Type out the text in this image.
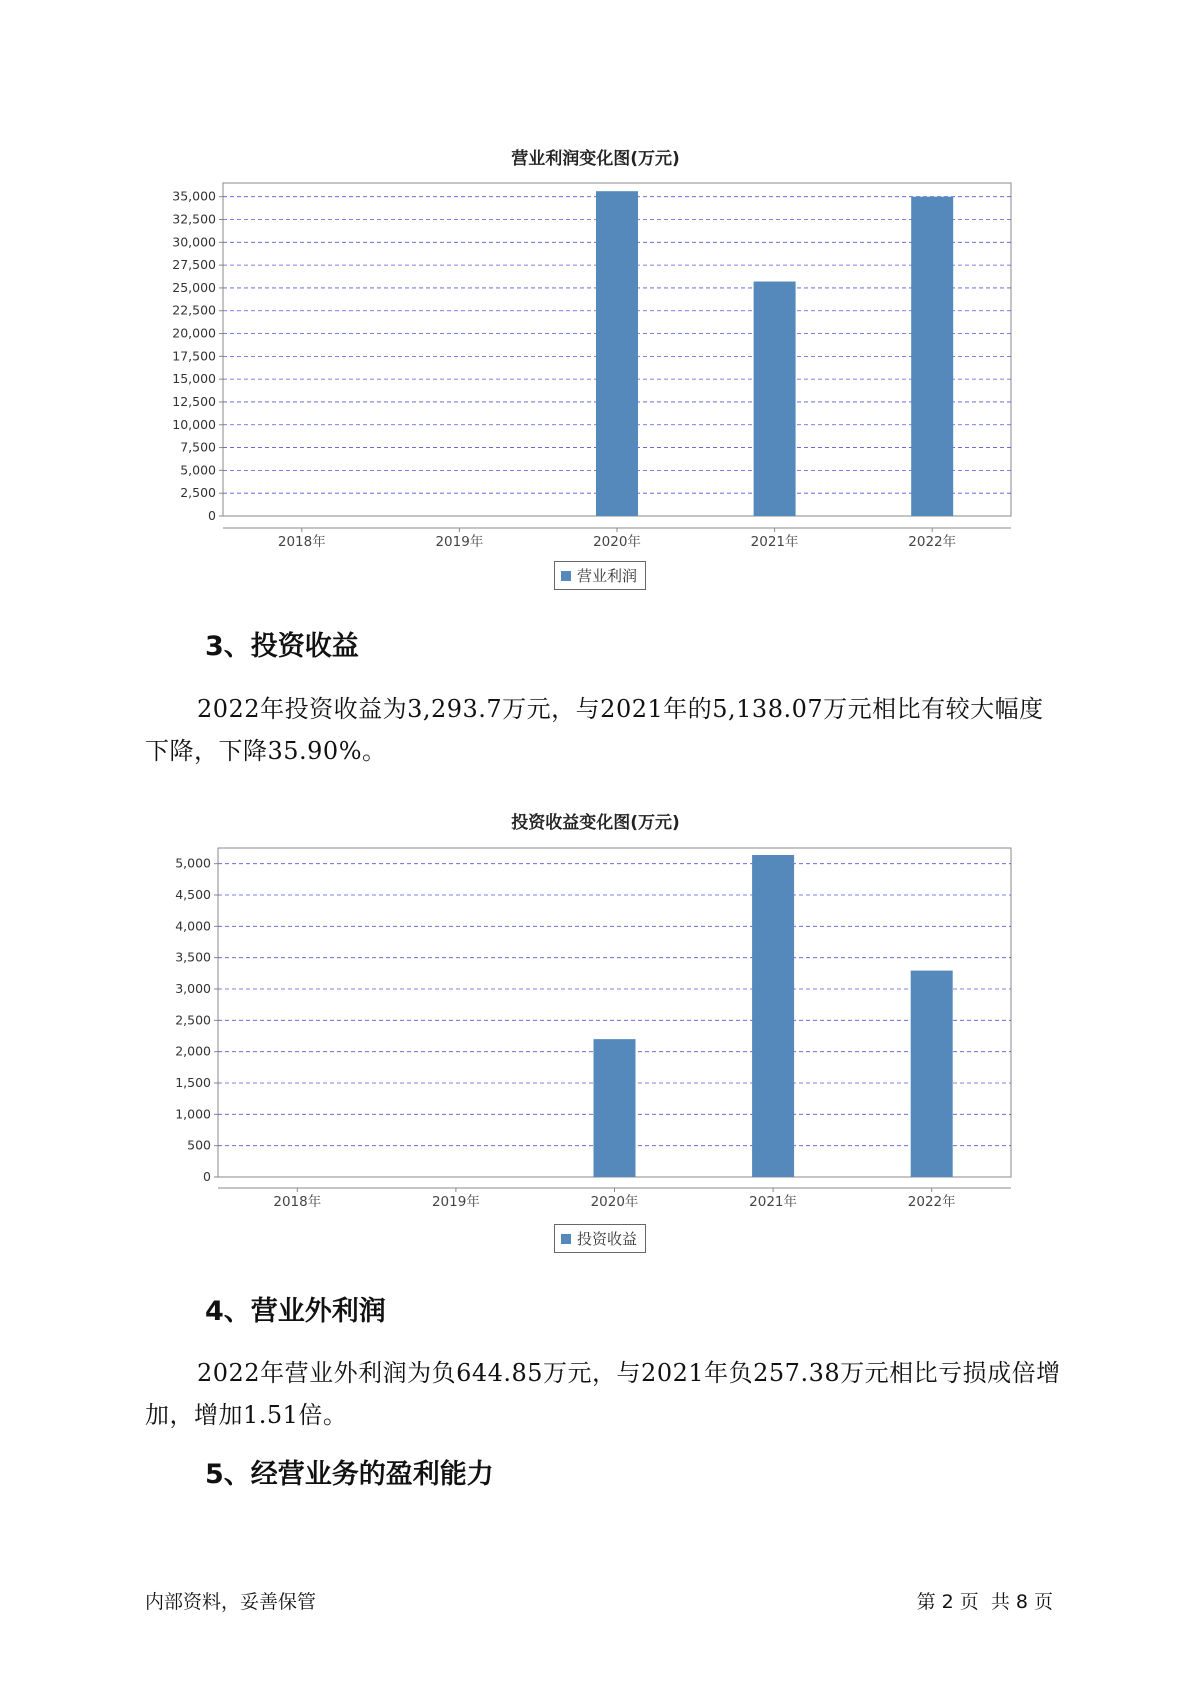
营业利润变化图(万元)
0
2,500
5,000
7,500
10,000
12,500
15,000
17,500
20,000
22,500
25,000
27,500
30,000
32,500
35,000
2018年	2019年	2020年	2021年	2022年
营业利润
3、投资收益
2022年投资收益为3,293.7万元，与2021年的5,138.07万元相比有较大幅度下降，下降35.90%。
投资收益变化图(万元)
0
500
1,000
1,500
2,000
2,500
3,000
3,500
4,000
4,500
5,000
2018年	2019年	2020年	2021年	2022年
投资收益
4、营业外利润
2022年营业外利润为负644.85万元，与2021年负257.38万元相比亏损成倍增加，增加1.51倍。
5、经营业务的盈利能力
内部资料，妥善保管	第 2 页  共 8 页
